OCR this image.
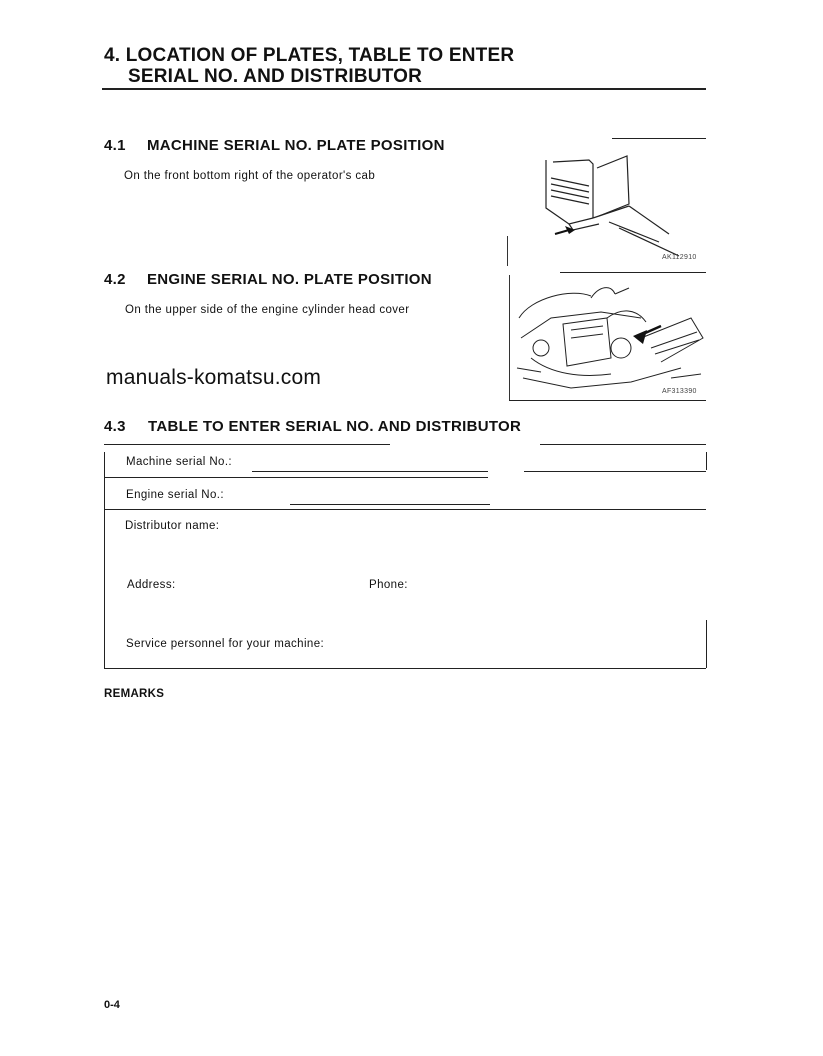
4. LOCATION OF PLATES, TABLE TO ENTER
SERIAL NO. AND DISTRIBUTOR
4.1 MACHINE SERIAL NO. PLATE POSITION
On the front bottom right of the operator's cab
AK112910
4.2 ENGINE SERIAL NO. PLATE POSITION
On the upper side of the engine cylinder head cover
AF313390
manuals-komatsu.com
4.3 TABLE TO ENTER SERIAL NO. AND DISTRIBUTOR
Machine serial No.:
Engine serial No.:
Distributor name:
Address:	Phone:
Service personnel for your machine:
REMARKS
0-4
